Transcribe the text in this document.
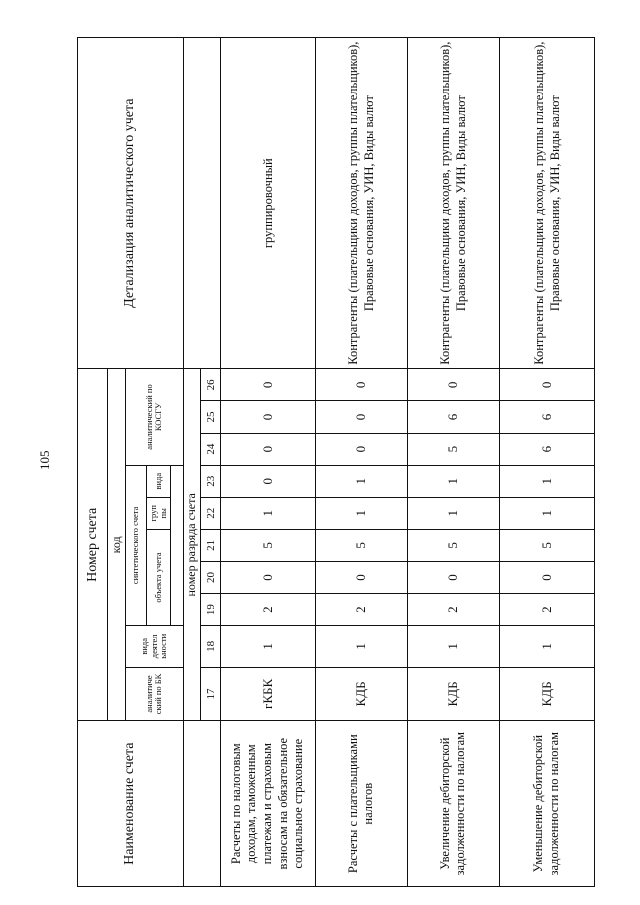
105
Наименование счета	Номер счета										Детализация аналитического учета
	код										
	аналитиче ский по БК	вида деятел ьности	синтетического счета					аналитический по КОСГУ			
			объекта учета			груп пы	вида				

	номер разряда счета										
	17	18	19	20	21	22	23	24	25	26	
Расчеты по налоговым доходам, таможенным платежам и страховым взносам на обязательное социальное страхование	гКБК	1	2	0	5	1	0	0	0	0	группировочный
Расчеты с плательщиками налогов	КДБ	1	2	0	5	1	1	0	0	0	Контрагенты (плательщики доходов, группы плательщиков), Правовые основания, УИН, Виды валют
Увеличение дебиторской задолженности по налогам	КДБ	1	2	0	5	1	1	5	6	0	Контрагенты (плательщики доходов, группы плательщиков), Правовые основания, УИН, Виды валют
Уменьшение дебиторской задолженности по налогам	КДБ	1	2	0	5	1	1	6	6	0	Контрагенты (плательщики доходов, группы плательщиков), Правовые основания, УИН, Виды валют
